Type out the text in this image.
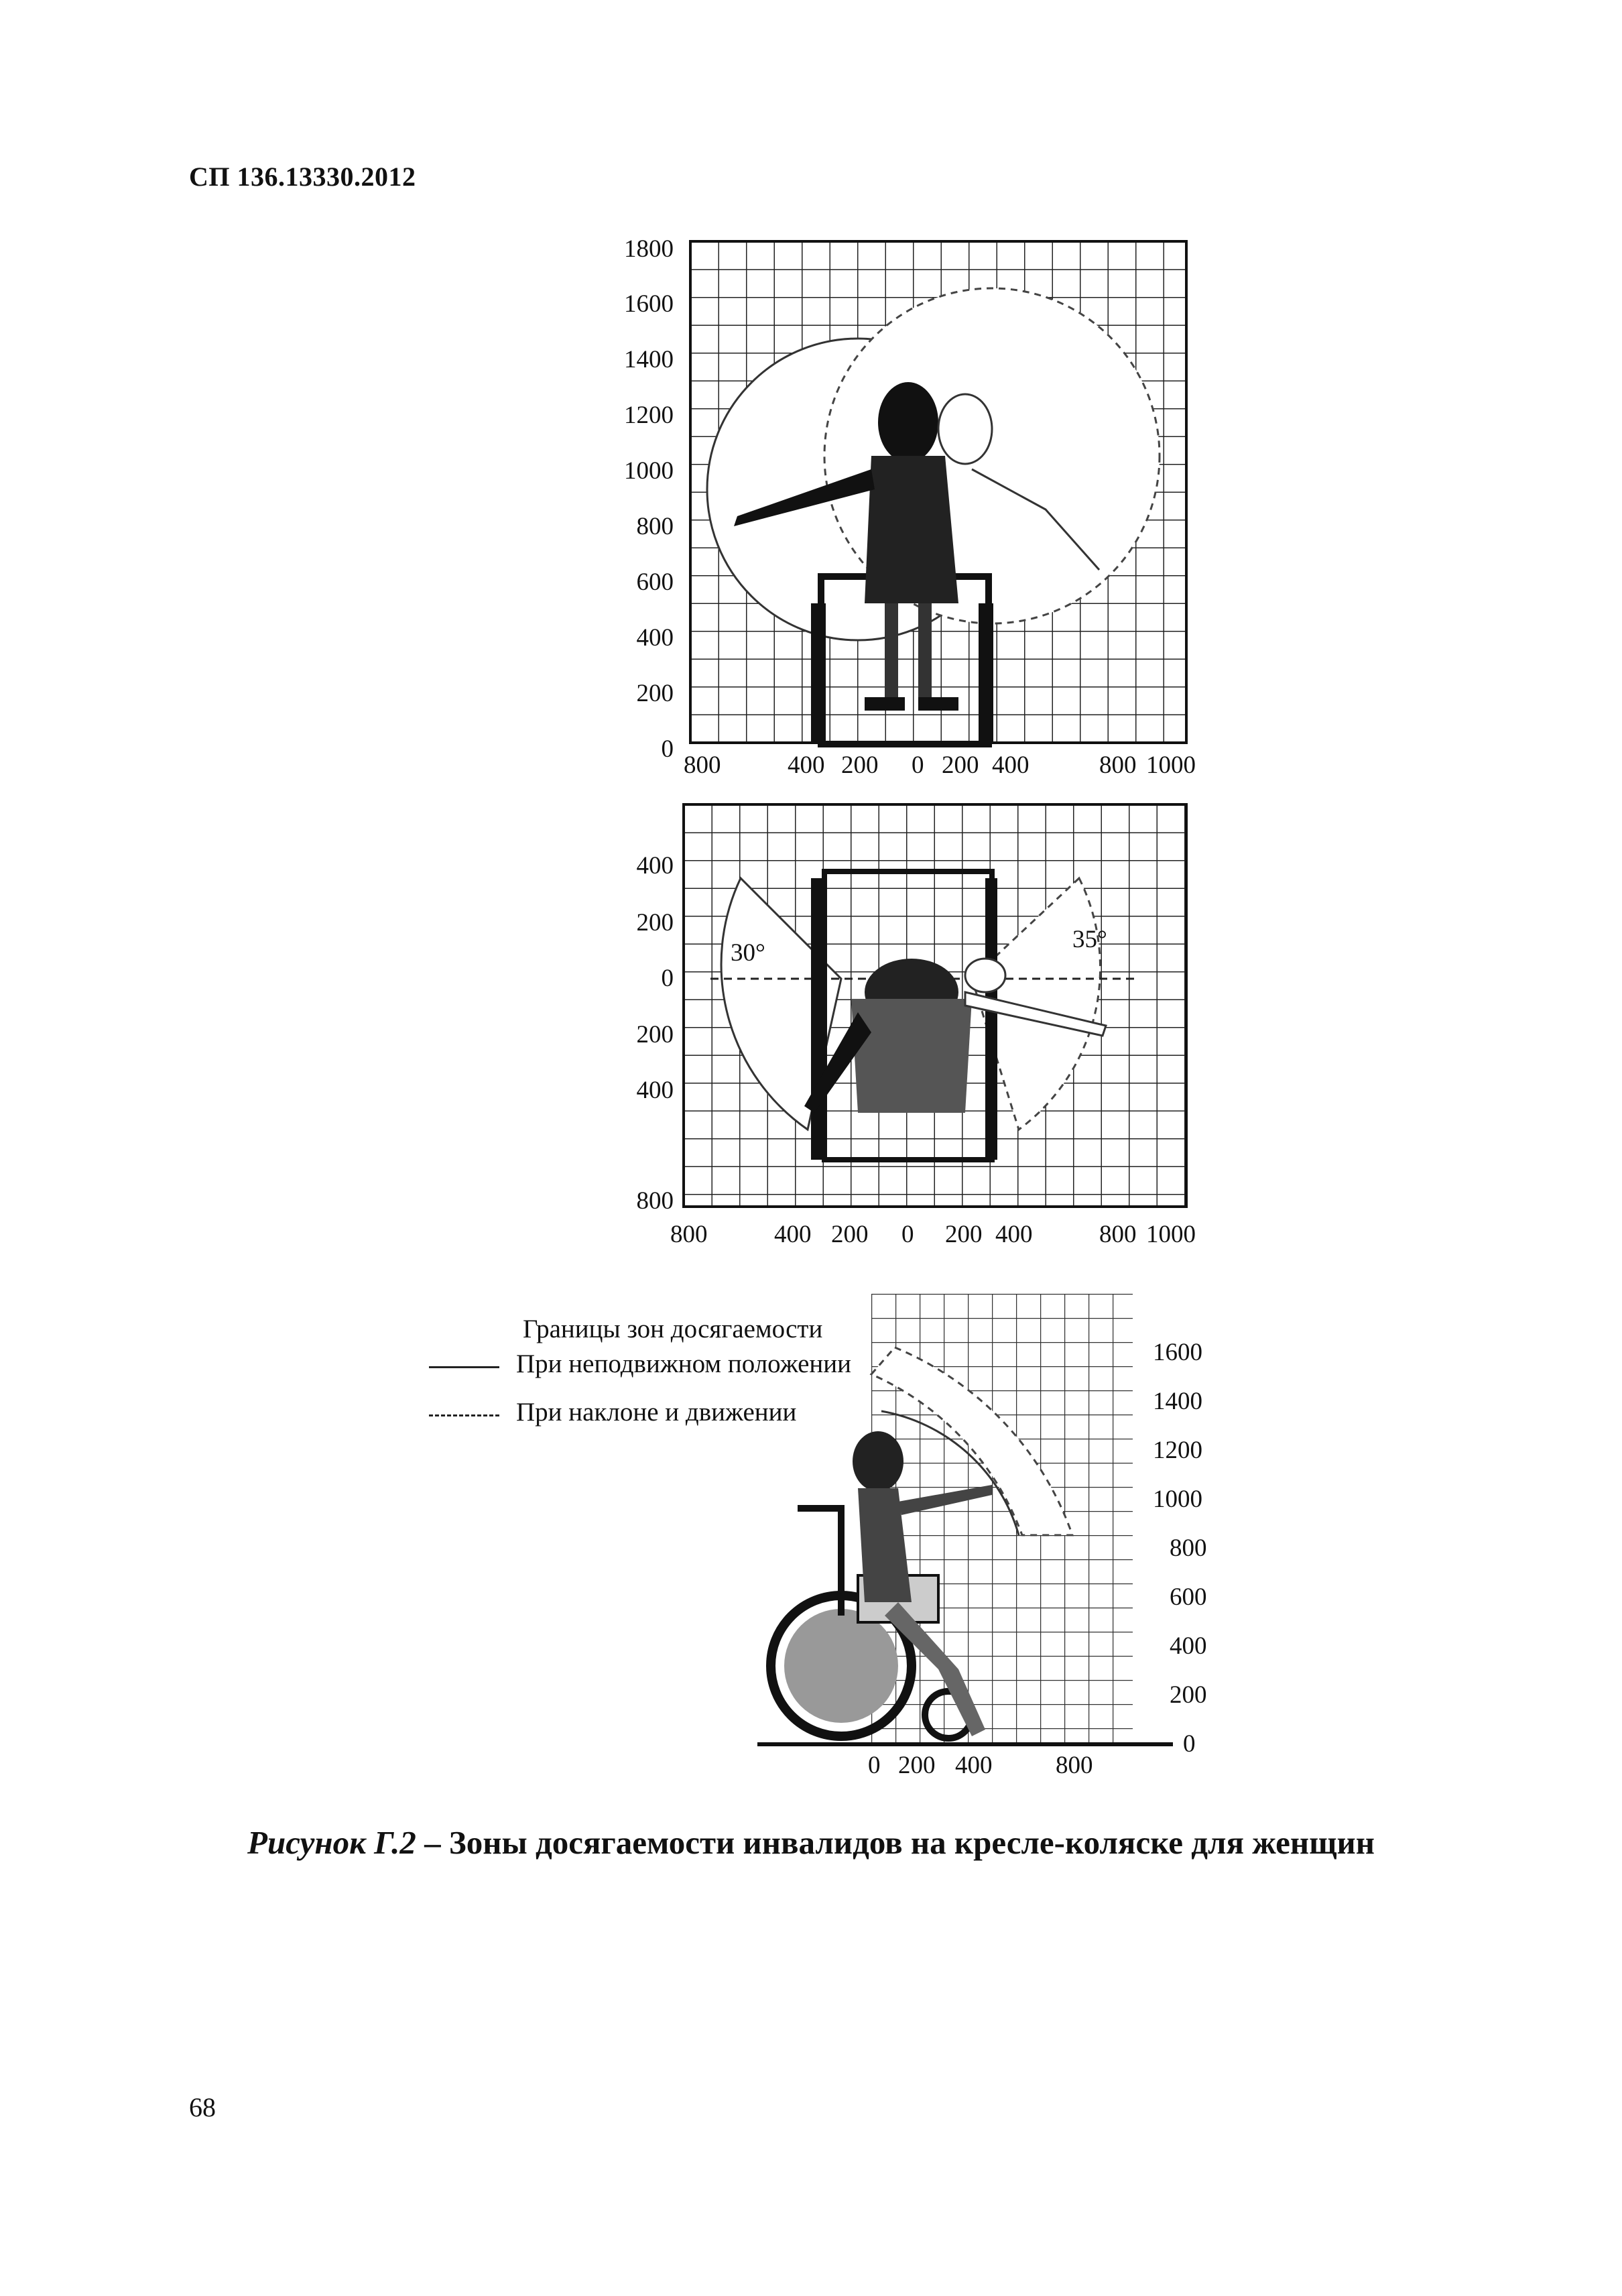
СП 136.13330.2012
1800
1600
1400
1200
1000
800
600
400
200
0
800	400 200 0 200 400	800 1000
30°	35°
400
200
0
200
400
800
800	400 200 0 200 400	800 1000
Границы зон досягаемости
При неподвижном положении
При наклоне и движении
1600
1400
1200
1000
800
600
400
200
0
0 200 400	800
Рисунок Г.2 – Зоны досягаемости инвалидов на кресле-коляске для женщин
68
